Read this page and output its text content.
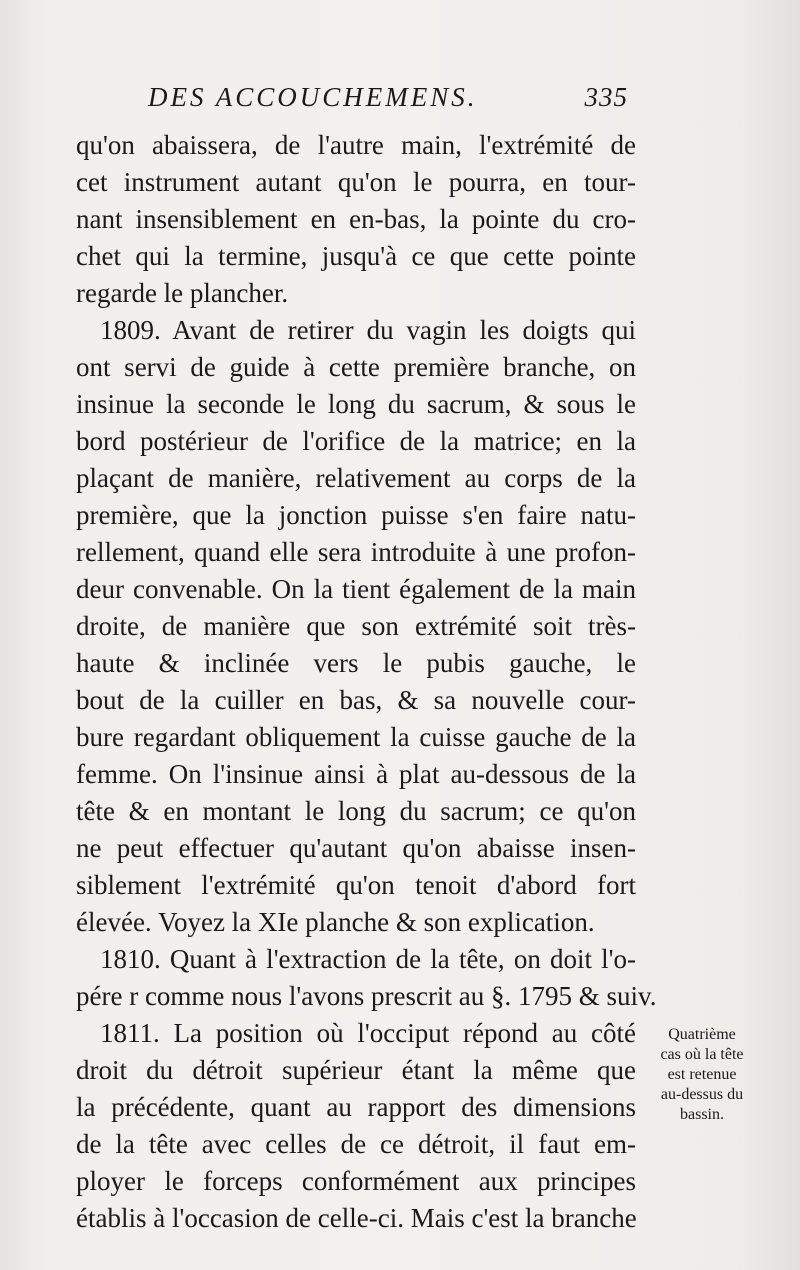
DES ACCOUCHEMENS.	335
qu'on abaissera, de l'autre main, l'extrémité de
cet instrument autant qu'on le pourra, en tour-
nant insensiblement en en-bas, la pointe du cro-
chet qui la termine, jusqu'à ce que cette pointe
regarde le plancher.
1809. Avant de retirer du vagin les doigts qui
ont servi de guide à cette première branche, on
insinue la seconde le long du sacrum, & sous le
bord postérieur de l'orifice de la matrice; en la
plaçant de manière, relativement au corps de la
première, que la jonction puisse s'en faire natu-
rellement, quand elle sera introduite à une profon-
deur convenable. On la tient également de la main
droite, de manière que son extrémité soit très-
haute & inclinée vers le pubis gauche, le
bout de la cuiller en bas, & sa nouvelle cour-
bure regardant obliquement la cuisse gauche de la
femme. On l'insinue ainsi à plat au-dessous de la
tête & en montant le long du sacrum; ce qu'on
ne peut effectuer qu'autant qu'on abaisse insen-
siblement l'extrémité qu'on tenoit d'abord fort
élevée. Voyez la XIe planche & son explication.
1810. Quant à l'extraction de la tête, on doit l'o-
pére r comme nous l'avons prescrit au §. 1795 & suiv.
1811. La position où l'occiput répond au côté
droit du détroit supérieur étant la même que
la précédente, quant au rapport des dimensions
de la tête avec celles de ce détroit, il faut em-
ployer le forceps conformément aux principes
établis à l'occasion de celle-ci. Mais c'est la branche
Quatrième
cas où la tête
est retenue
au-dessus du
bassin.
